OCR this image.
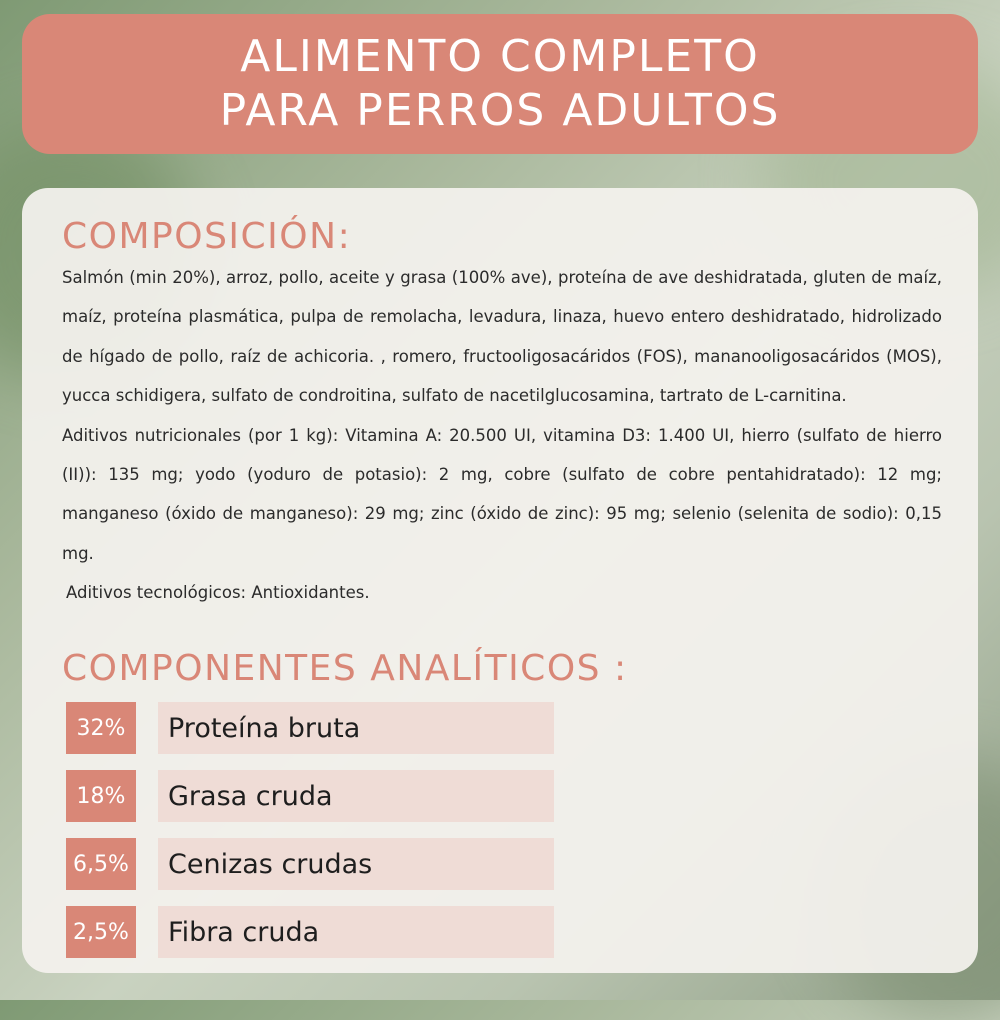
ALIMENTO COMPLETO
PARA PERROS ADULTOS
COMPOSICIÓN:

Salmón (min 20%), arroz, pollo, aceite y grasa (100% ave), proteína de ave deshidratada, gluten de maíz, maíz, proteína plasmática, pulpa de remolacha, levadura, linaza, huevo entero deshidratado, hidrolizado de hígado de pollo, raíz de achicoria. , romero, fructooligosacáridos (FOS), mananooligosacáridos (MOS), yucca schidigera, sulfato de condroitina, sulfato de nacetilglucosamina, tartrato de L-carnitina.

Aditivos nutricionales (por 1 kg): Vitamina A: 20.500 UI, vitamina D3: 1.400 UI, hierro (sulfato de hierro (II)): 135 mg; yodo (yoduro de potasio): 2 mg, cobre (sulfato de cobre pentahidratado): 12 mg; manganeso (óxido de manganeso): 29 mg; zinc (óxido de zinc): 95 mg; selenio (selenita de sodio): 0,15 mg.

Aditivos tecnológicos: Antioxidantes.

COMPONENTES ANALÍTICOS :
32%	Proteína bruta
18%	Grasa cruda
6,5%	Cenizas crudas
2,5%	Fibra cruda
